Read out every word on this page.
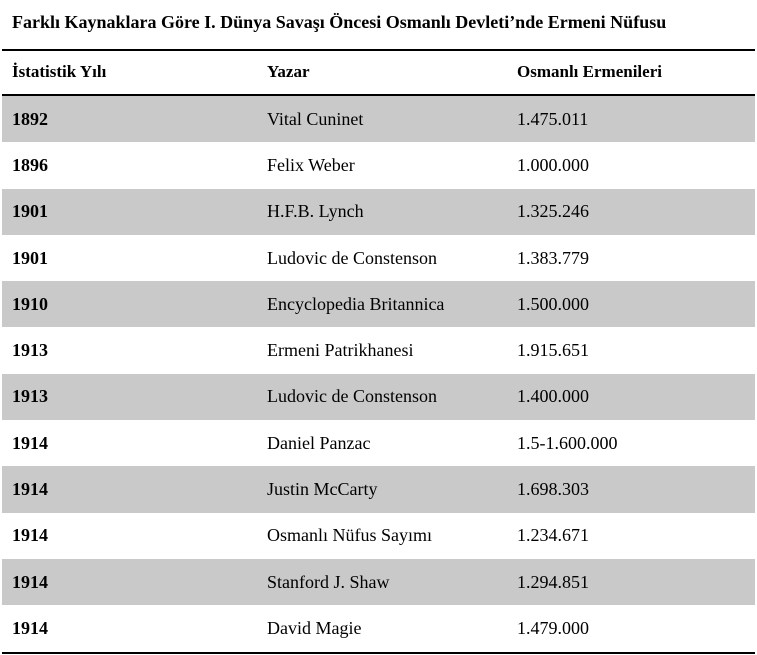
Farklı Kaynaklara Göre I. Dünya Savaşı Öncesi Osmanlı Devleti’nde Ermeni Nüfusu
İstatistik Yılı	Yazar	Osmanlı Ermenileri
1892	Vital Cuninet	1.475.011
1896	Felix Weber	1.000.000
1901	H.F.B. Lynch	1.325.246
1901	Ludovic de Constenson	1.383.779
1910	Encyclopedia Britannica	1.500.000
1913	Ermeni Patrikhanesi	1.915.651
1913	Ludovic de Constenson	1.400.000
1914	Daniel Panzac	1.5-1.600.000
1914	Justin McCarty	1.698.303
1914	Osmanlı Nüfus Sayımı	1.234.671
1914	Stanford J. Shaw	1.294.851
1914	David Magie	1.479.000
